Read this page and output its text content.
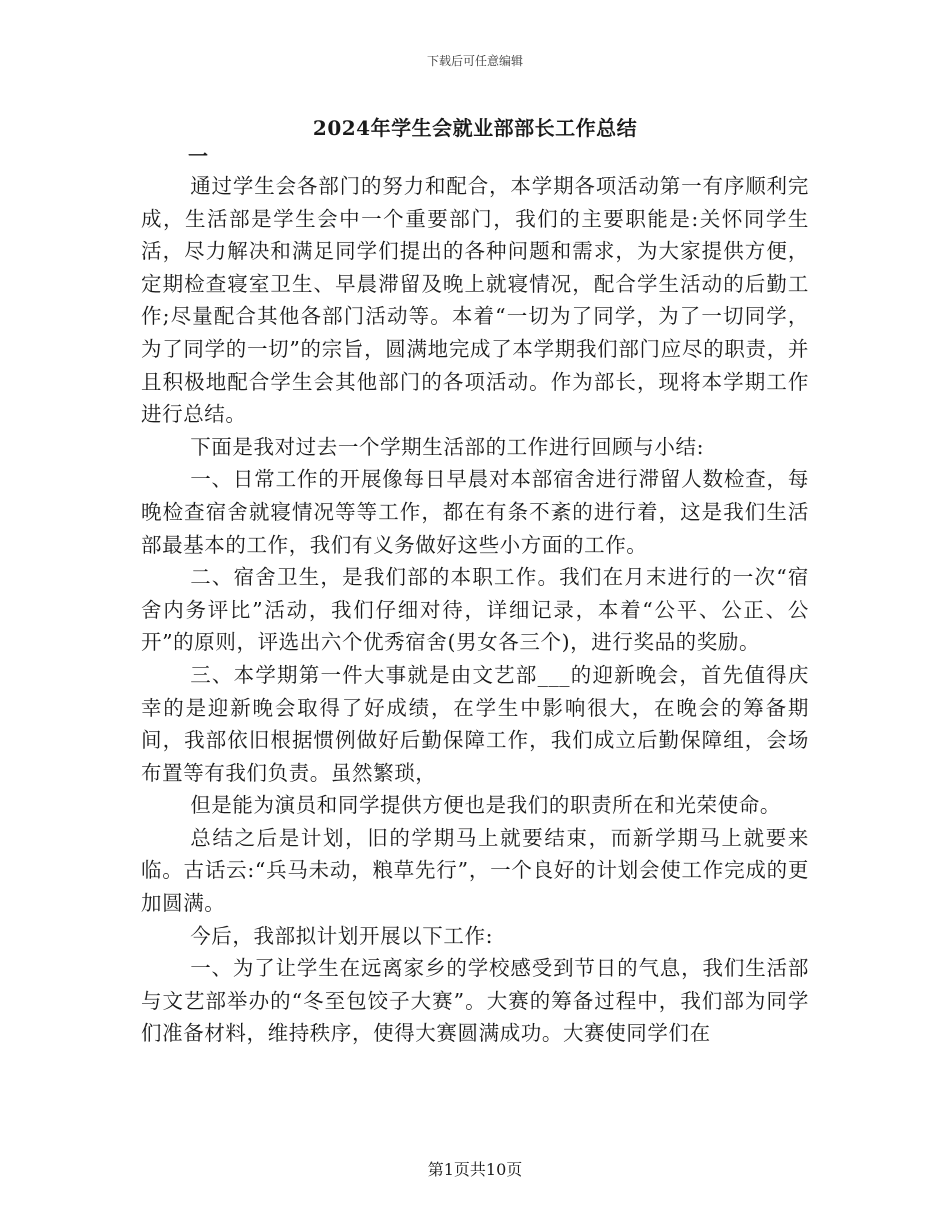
下载后可任意编辑
2024年学生会就业部部长工作总结
一

通过学生会各部门的努力和配合，本学期各项活动第一有序顺利完成，生活部是学生会中一个重要部门，我们的主要职能是:关怀同学生活，尽力解决和满足同学们提出的各种问题和需求，为大家提供方便，定期检查寝室卫生、早晨滞留及晚上就寝情况，配合学生活动的后勤工作;尽量配合其他各部门活动等。本着“一切为了同学，为了一切同学，为了同学的一切”的宗旨，圆满地完成了本学期我们部门应尽的职责，并且积极地配合学生会其他部门的各项活动。作为部长，现将本学期工作进行总结。

下面是我对过去一个学期生活部的工作进行回顾与小结:

一、日常工作的开展像每日早晨对本部宿舍进行滞留人数检查，每晚检查宿舍就寝情况等等工作，都在有条不紊的进行着，这是我们生活部最基本的工作，我们有义务做好这些小方面的工作。

二、宿舍卫生，是我们部的本职工作。我们在月末进行的一次“宿舍内务评比”活动，我们仔细对待，详细记录，本着“公平、公正、公开”的原则，评选出六个优秀宿舍(男女各三个)，进行奖品的奖励。

三、本学期第一件大事就是由文艺部___的迎新晚会，首先值得庆幸的是迎新晚会取得了好成绩，在学生中影响很大，在晚会的筹备期间，我部依旧根据惯例做好后勤保障工作，我们成立后勤保障组，会场布置等有我们负责。虽然繁琐，

但是能为演员和同学提供方便也是我们的职责所在和光荣使命。

总结之后是计划，旧的学期马上就要结束，而新学期马上就要来临。古话云:“兵马未动，粮草先行”，一个良好的计划会使工作完成的更加圆满。

今后，我部拟计划开展以下工作:

一、为了让学生在远离家乡的学校感受到节日的气息，我们生活部与文艺部举办的“冬至包饺子大赛”。大赛的筹备过程中，我们部为同学们准备材料，维持秩序，使得大赛圆满成功。大赛使同学们在

第1页共10页
